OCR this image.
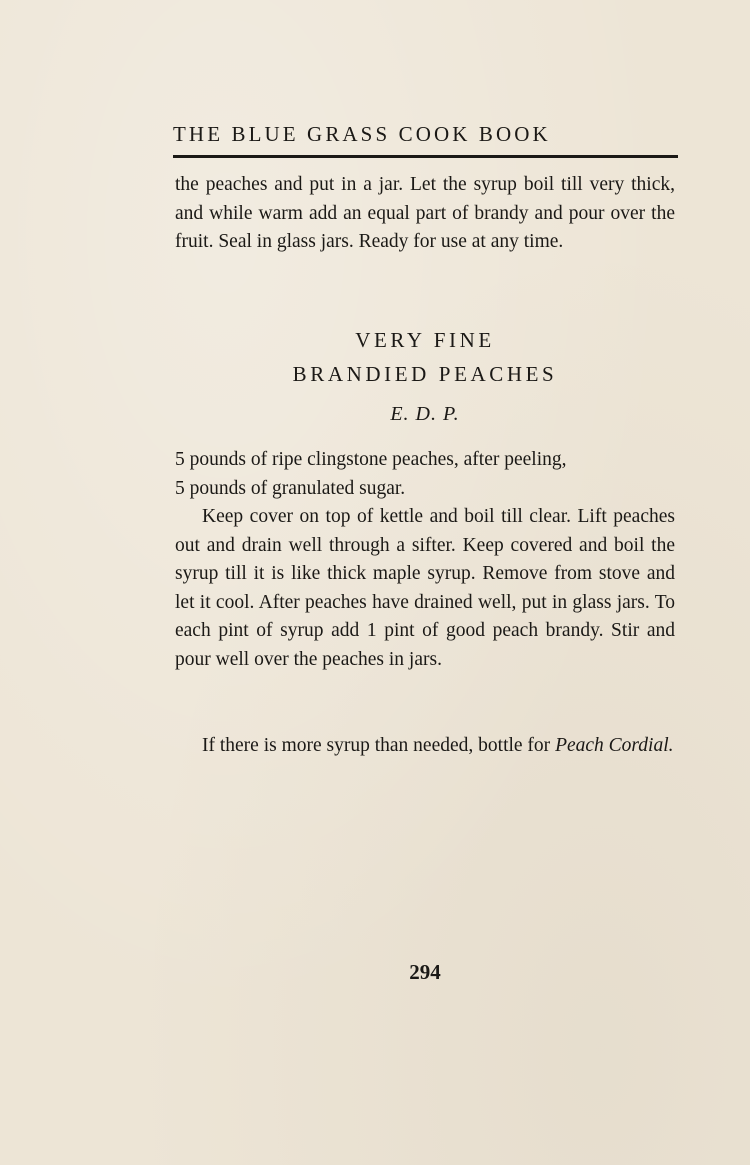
THE BLUE GRASS COOK BOOK

the peaches and put in a jar. Let the syrup boil till very thick, and while warm add an equal part of brandy and pour over the fruit. Seal in glass jars. Ready for use at any time.

VERY FINE
BRANDIED PEACHES
E. D. P.
5 pounds of ripe clingstone peaches, after peeling,
5 pounds of granulated sugar.

Keep cover on top of kettle and boil till clear. Lift peaches out and drain well through a sifter. Keep covered and boil the syrup till it is like thick maple syrup. Remove from stove and let it cool. After peaches have drained well, put in glass jars. To each pint of syrup add 1 pint of good peach brandy. Stir and pour well over the peaches in jars.

If there is more syrup than needed, bottle for Peach Cordial.

294
